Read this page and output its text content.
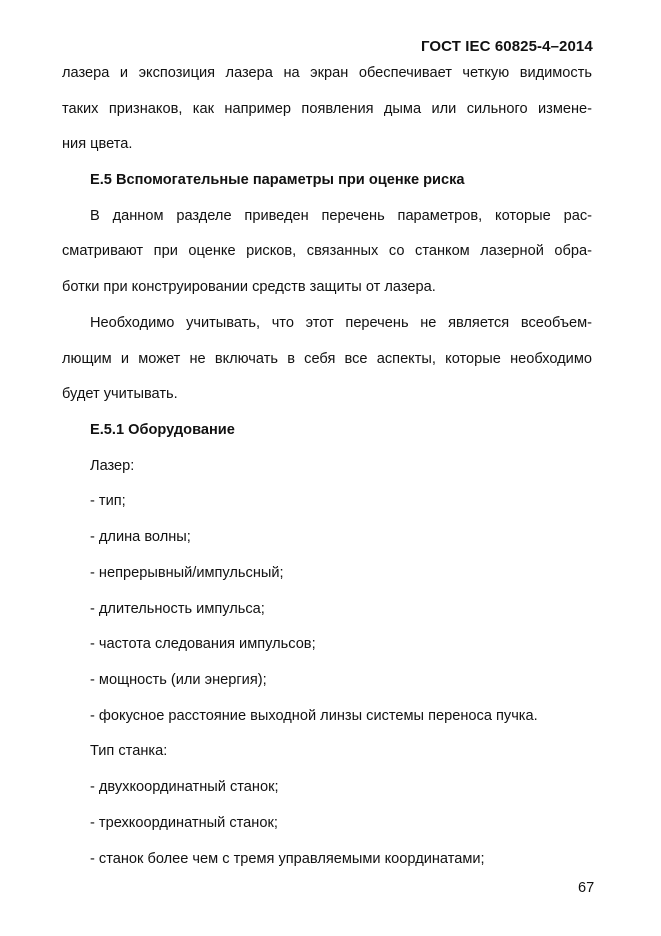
ГОСТ IEC 60825-4–2014
лазера и экспозиция лазера на экран обеспечивает четкую видимость
таких признаков, как например появления дыма или сильного измене-
ния цвета.
Е.5 Вспомогательные параметры при оценке риска
В данном разделе приведен перечень параметров, которые рас-
сматривают при оценке рисков, связанных со станком лазерной обра-
ботки при конструировании средств защиты от лазера.
Необходимо учитывать, что этот перечень не является всеобъем-
лющим и может не включать в себя все аспекты, которые необходимо
будет учитывать.
Е.5.1 Оборудование
Лазер:
- тип;
- длина волны;
- непрерывный/импульсный;
- длительность импульса;
- частота следования импульсов;
- мощность (или энергия);
- фокусное расстояние выходной линзы системы переноса пучка.
Тип станка:
- двухкоординатный станок;
- трехкоординатный станок;
- станок более чем с тремя управляемыми координатами;
67
